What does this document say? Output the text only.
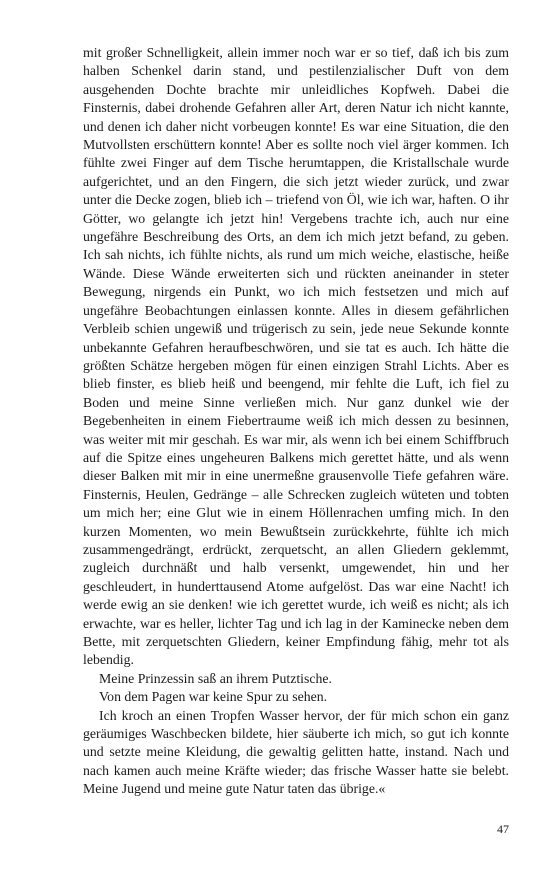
mit großer Schnelligkeit, allein immer noch war er so tief, daß ich bis zum halben Schenkel darin stand, und pestilenzialischer Duft von dem ausgehenden Dochte brachte mir unleidliches Kopfweh. Dabei die Finsternis, dabei drohende Gefahren aller Art, deren Natur ich nicht kannte, und denen ich daher nicht vorbeugen konnte! Es war eine Situation, die den Mutvollsten erschüttern konnte! Aber es sollte noch viel ärger kommen. Ich fühlte zwei Finger auf dem Tische herumtappen, die Kristallschale wurde aufgerichtet, und an den Fingern, die sich jetzt wieder zurück, und zwar unter die Decke zogen, blieb ich – triefend von Öl, wie ich war, haften. O ihr Götter, wo gelangte ich jetzt hin! Vergebens trachte ich, auch nur eine ungefähre Beschreibung des Orts, an dem ich mich jetzt befand, zu geben. Ich sah nichts, ich fühlte nichts, als rund um mich weiche, elastische, heiße Wände. Diese Wände erweiterten sich und rückten aneinander in steter Bewegung, nirgends ein Punkt, wo ich mich festsetzen und mich auf ungefähre Beobachtungen einlassen konnte. Alles in diesem gefährlichen Verbleib schien ungewiß und trügerisch zu sein, jede neue Sekunde konnte unbekannte Gefahren heraufbeschwören, und sie tat es auch. Ich hätte die größten Schätze hergeben mögen für einen einzigen Strahl Lichts. Aber es blieb finster, es blieb heiß und beengend, mir fehlte die Luft, ich fiel zu Boden und meine Sinne verließen mich. Nur ganz dunkel wie der Begebenheiten in einem Fiebertraume weiß ich mich dessen zu besinnen, was weiter mit mir geschah. Es war mir, als wenn ich bei einem Schiffbruch auf die Spitze eines ungeheuren Balkens mich gerettet hätte, und als wenn dieser Balken mit mir in eine unermeßne grausenvolle Tiefe gefahren wäre. Finsternis, Heulen, Gedränge – alle Schrecken zugleich wüteten und tobten um mich her; eine Glut wie in einem Höllenrachen umfing mich. In den kurzen Momenten, wo mein Bewußtsein zurückkehrte, fühlte ich mich zusammengedrängt, erdrückt, zerquetscht, an allen Gliedern geklemmt, zugleich durchnäßt und halb versenkt, umgewendet, hin und her geschleudert, in hunderttausend Atome aufgelöst. Das war eine Nacht! ich werde ewig an sie denken! wie ich gerettet wurde, ich weiß es nicht; als ich erwachte, war es heller, lichter Tag und ich lag in der Kaminecke neben dem Bette, mit zerquetschten Gliedern, keiner Empfindung fähig, mehr tot als lebendig.

Meine Prinzessin saß an ihrem Putztische.

Von dem Pagen war keine Spur zu sehen.

Ich kroch an einen Tropfen Wasser hervor, der für mich schon ein ganz geräumiges Waschbecken bildete, hier säuberte ich mich, so gut ich konnte und setzte meine Kleidung, die gewaltig gelitten hatte, instand. Nach und nach kamen auch meine Kräfte wieder; das frische Wasser hatte sie belebt. Meine Jugend und meine gute Natur taten das übrige.«

47
